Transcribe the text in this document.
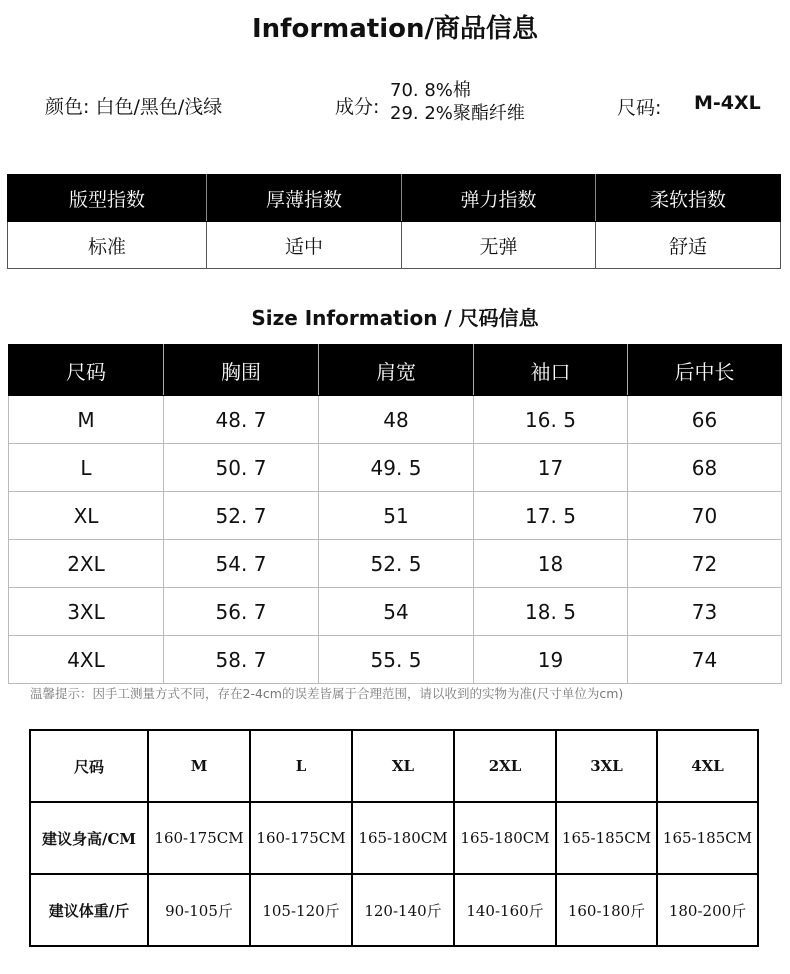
Information/商品信息
颜色: 白色/黑色/浅绿	成分:
70. 8%棉
29. 2%聚酯纤维	尺码: M-4XL
版型指数	厚薄指数	弹力指数	柔软指数
标准	适中	无弹	舒适
Size Information / 尺码信息
尺码	胸围	肩宽	袖口	后中长
M	48. 7	48	16. 5	66
L	50. 7	49. 5	17	68
XL	52. 7	51	17. 5	70
2XL	54. 7	52. 5	18	72
3XL	56. 7	54	18. 5	73
4XL	58. 7	55. 5	19	74
温馨提示：因手工测量方式不同，存在2-4cm的误差皆属于合理范围，请以收到的实物为准(尺寸单位为cm)
尺码	M	L	XL	2XL	3XL	4XL
建议身高/CM	160-175CM	160-175CM	165-180CM	165-180CM	165-185CM	165-185CM
建议体重/斤	90-105斤	105-120斤	120-140斤	140-160斤	160-180斤	180-200斤
